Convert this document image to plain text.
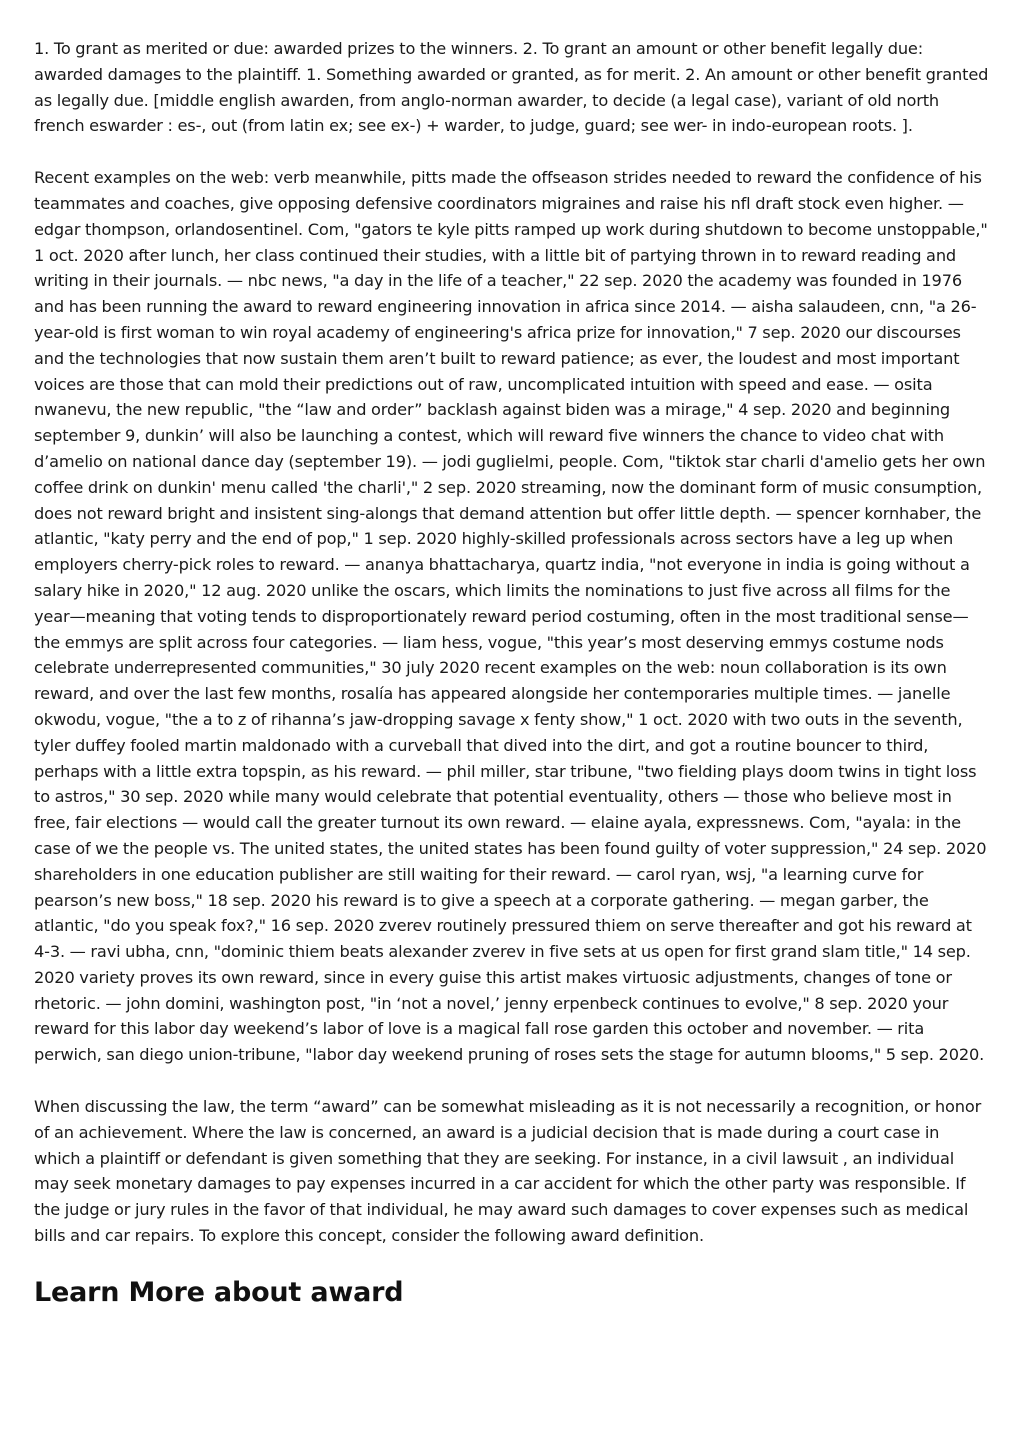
1. To grant as merited or due: awarded prizes to the winners. 2. To grant an amount or other benefit legally due: awarded damages to the plaintiff. 1. Something awarded or granted, as for merit. 2. An amount or other benefit granted as legally due. [middle english awarden, from anglo-norman awarder, to decide (a legal case), variant of old north french eswarder : es-, out (from latin ex; see ex-) + warder, to judge, guard; see wer- in indo-european roots. ].

Recent examples on the web: verb meanwhile, pitts made the offseason strides needed to reward the confidence of his teammates and coaches, give opposing defensive coordinators migraines and raise his nfl draft stock even higher. — edgar thompson, orlandosentinel. Com, "gators te kyle pitts ramped up work during shutdown to become unstoppable," 1 oct. 2020 after lunch, her class continued their studies, with a little bit of partying thrown in to reward reading and writing in their journals. — nbc news, "a day in the life of a teacher," 22 sep. 2020 the academy was founded in 1976 and has been running the award to reward engineering innovation in africa since 2014. — aisha salaudeen, cnn, "a 26-year-old is first woman to win royal academy of engineering's africa prize for innovation," 7 sep. 2020 our discourses and the technologies that now sustain them aren’t built to reward patience; as ever, the loudest and most important voices are those that can mold their predictions out of raw, uncomplicated intuition with speed and ease. — osita nwanevu, the new republic, "the “law and order” backlash against biden was a mirage," 4 sep. 2020 and beginning september 9, dunkin’ will also be launching a contest, which will reward five winners the chance to video chat with d’amelio on national dance day (september 19). — jodi guglielmi, people. Com, "tiktok star charli d'amelio gets her own coffee drink on dunkin' menu called 'the charli'," 2 sep. 2020 streaming, now the dominant form of music consumption, does not reward bright and insistent sing-alongs that demand attention but offer little depth. — spencer kornhaber, the atlantic, "katy perry and the end of pop," 1 sep. 2020 highly-skilled professionals across sectors have a leg up when employers cherry-pick roles to reward. — ananya bhattacharya, quartz india, "not everyone in india is going without a salary hike in 2020," 12 aug. 2020 unlike the oscars, which limits the nominations to just five across all films for the year—meaning that voting tends to disproportionately reward period costuming, often in the most traditional sense—the emmys are split across four categories. — liam hess, vogue, "this year’s most deserving emmys costume nods celebrate underrepresented communities," 30 july 2020 recent examples on the web: noun collaboration is its own reward, and over the last few months, rosalía has appeared alongside her contemporaries multiple times. — janelle okwodu, vogue, "the a to z of rihanna’s jaw-dropping savage x fenty show," 1 oct. 2020 with two outs in the seventh, tyler duffey fooled martin maldonado with a curveball that dived into the dirt, and got a routine bouncer to third, perhaps with a little extra topspin, as his reward. — phil miller, star tribune, "two fielding plays doom twins in tight loss to astros," 30 sep. 2020 while many would celebrate that potential eventuality, others — those who believe most in free, fair elections — would call the greater turnout its own reward. — elaine ayala, expressnews. Com, "ayala: in the case of we the people vs. The united states, the united states has been found guilty of voter suppression," 24 sep. 2020 shareholders in one education publisher are still waiting for their reward. — carol ryan, wsj, "a learning curve for pearson’s new boss," 18 sep. 2020 his reward is to give a speech at a corporate gathering. — megan garber, the atlantic, "do you speak fox?," 16 sep. 2020 zverev routinely pressured thiem on serve thereafter and got his reward at 4-3. — ravi ubha, cnn, "dominic thiem beats alexander zverev in five sets at us open for first grand slam title," 14 sep. 2020 variety proves its own reward, since in every guise this artist makes virtuosic adjustments, changes of tone or rhetoric. — john domini, washington post, "in ‘not a novel,’ jenny erpenbeck continues to evolve," 8 sep. 2020 your reward for this labor day weekend’s labor of love is a magical fall rose garden this october and november. — rita perwich, san diego union-tribune, "labor day weekend pruning of roses sets the stage for autumn blooms," 5 sep. 2020.

When discussing the law, the term “award” can be somewhat misleading as it is not necessarily a recognition, or honor of an achievement. Where the law is concerned, an award is a judicial decision that is made during a court case in which a plaintiff or defendant is given something that they are seeking. For instance, in a civil lawsuit , an individual may seek monetary damages to pay expenses incurred in a car accident for which the other party was responsible. If the judge or jury rules in the favor of that individual, he may award such damages to cover expenses such as medical bills and car repairs. To explore this concept, consider the following award definition.

Learn More about award
